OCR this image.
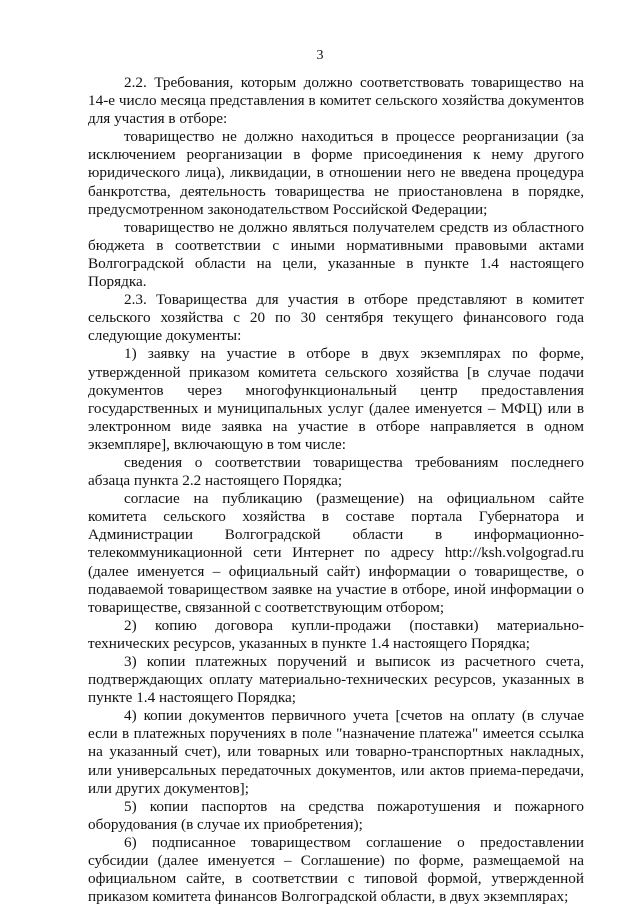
3

2.2. Требования, которым должно соответствовать товарищество на 14-е число месяца представления в комитет сельского хозяйства документов для участия в отборе:

товарищество не должно находиться в процессе реорганизации (за исключением реорганизации в форме присоединения к нему другого юридического лица), ликвидации, в отношении него не введена процедура банкротства, деятельность товарищества не приостановлена в порядке, предусмотренном законодательством Российской Федерации;

товарищество не должно являться получателем средств из областного бюджета в соответствии с иными нормативными правовыми актами Волгоградской области на цели, указанные в пункте 1.4 настоящего Порядка.

2.3. Товарищества для участия в отборе представляют в комитет сельского хозяйства с 20 по 30 сентября текущего финансового года следующие документы:

1) заявку на участие в отборе в двух экземплярах по форме, утвержденной приказом комитета сельского хозяйства [в случае подачи документов через многофункциональный центр предоставления государственных и муниципальных услуг (далее именуется – МФЦ) или в электронном виде заявка на участие в отборе направляется в одном экземпляре], включающую в том числе:

сведения о соответствии товарищества требованиям последнего абзаца пункта 2.2 настоящего Порядка;

согласие на публикацию (размещение) на официальном сайте комитета сельского хозяйства в составе портала Губернатора и Администрации Волгоградской области в информационно-телекоммуникационной сети Интернет по адресу http://ksh.volgograd.ru (далее именуется – официальный сайт) информации о товариществе, о подаваемой товариществом заявке на участие в отборе, иной информации о товариществе, связанной с соответствующим отбором;

2) копию договора купли-продажи (поставки) материально-технических ресурсов, указанных в пункте 1.4 настоящего Порядка;

3) копии платежных поручений и выписок из расчетного счета, подтверждающих оплату материально-технических ресурсов, указанных в пункте 1.4 настоящего Порядка;

4) копии документов первичного учета [счетов на оплату (в случае если в платежных поручениях в поле "назначение платежа" имеется ссылка на указанный счет), или товарных или товарно-транспортных накладных, или универсальных передаточных документов, или актов приема-передачи, или других документов];

5) копии паспортов на средства пожаротушения и пожарного оборудования (в случае их приобретения);

6) подписанное товариществом соглашение о предоставлении субсидии (далее именуется – Соглашение) по форме, размещаемой на официальном сайте, в соответствии с типовой формой, утвержденной приказом комитета финансов Волгоградской области, в двух экземплярах;
